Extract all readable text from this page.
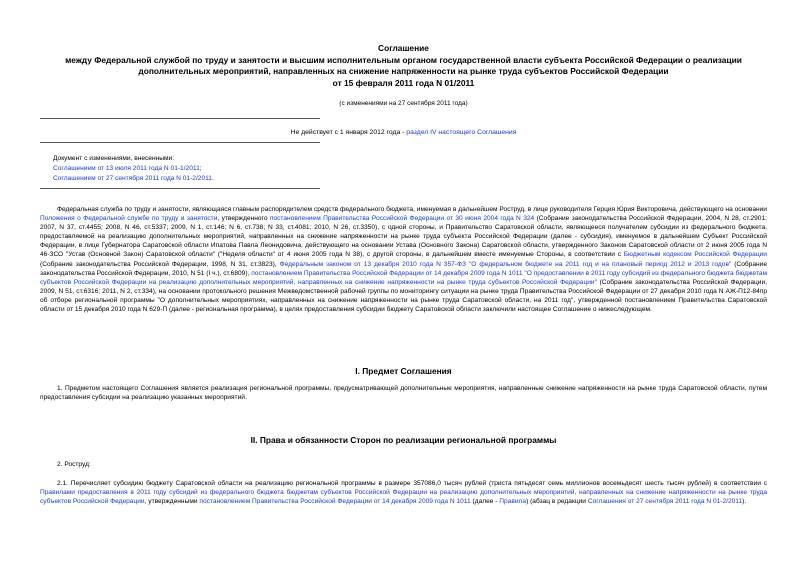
Соглашение
между Федеральной службой по труду и занятости и высшим исполнительным органом государственной власти субъекта Российской Федерации о реализации
дополнительных мероприятий, направленных на снижение напряженности на рынке труда субъектов Российской Федерации
от 15 февраля 2011 года N 01/2011
(с изменениями на 27 сентября 2011 года)
Не действует с 1 января 2012 года - раздел IV настоящего Соглашения
Документ с изменениями, внесенными:
Соглашением от 13 июля 2011 года N 01-1/2011;
Соглашением от 27 сентября 2011 года N 01-2/2011.
Федеральная служба по труду и занятости, являющаяся главным распорядителем средств федерального бюджета, именуемая в дальнейшем Роструд, в лице руководителя Герция Юрия Викторовича, действующего на основании Положения о Федеральной службе по труду и занятости, утвержденного постановлением Правительства Российской Федерации от 30 июня 2004 года N 324 (Собрание законодательства Российской Федерации, 2004, N 28, ст.2901; 2007, N 37, ст.4455; 2008, N 46, ст.5337; 2009, N 1, ст.146; N 6, ст.738; N 33, ст.4081; 2010, N 26, ст.3350), с одной стороны, и Правительство Саратовской области, являющееся получателем субсидии из федерального бюджета, предоставляемой на реализацию дополнительных мероприятий, направленных на снижение напряженности на рынке труда субъекта Российской Федерации (далее - субсидия), именуемое в дальнейшем Субъект Российской Федерации, в лице Губернатора Саратовской области Ипатова Павла Леонидовича, действующего на основании Устава (Основного Закона) Саратовской области, утвержденного Законом Саратовской области от 2 июня 2005 года N 46-ЗСО "Устав (Основной Закон) Саратовской области" ("Неделя области" от 4 июня 2005 года N 38), с другой стороны, в дальнейшем вместе именуемые Стороны, в соответствии с Бюджетным кодексом Российской Федерации (Собрание законодательства Российской Федерации, 1998, N 31, ст.3823), Федеральным законом от 13 декабря 2010 года N 357-ФЗ "О федеральном бюджете на 2011 год и на плановый период 2012 и 2013 годов" (Собрание законодательства Российской Федерации, 2010, N 51 (I ч.), ст.6809), постановлением Правительства Российской Федерации от 14 декабря 2009 года N 1011 "О предоставлении в 2011 году субсидий из федерального бюджета бюджетам субъектов Российской Федерации на реализацию дополнительных мероприятий, направленных на снижение напряженности на рынке труда субъектов Российской Федерации" (Собрание законодательства Российской Федерации, 2009, N 51, ст.6316; 2011, N 2, ст.334), на основании протокольного решения Межведомственной рабочей группы по мониторингу ситуации на рынке труда Правительства Российской Федерации от 27 декабря 2010 года N АЖ-П12-84пр об отборе региональной программы "О дополнительных мероприятиях, направленных на снижение напряженности на рынке труда Саратовской области, на 2011 год", утвержденной постановлением Правительства Саратовской области от 15 декабря 2010 года N 629-П (далее - региональная программа), в целях предоставления субсидии бюджету Саратовской области заключили настоящее Соглашение о нижеследующем.
I. Предмет Соглашения
1. Предметом настоящего Соглашения является реализация региональной программы, предусматривающей дополнительные мероприятия, направленные снижение напряженности на рынке труда Саратовской области, путем предоставления субсидии на реализацию указанных мероприятий.
II. Права и обязанности Сторон по реализации региональной программы
2. Роструд:
2.1. Перечисляет субсидию бюджету Саратовской области на реализацию региональной программы в размере 357086,0 тысяч рублей (триста пятьдесят семь миллионов восемьдесят шесть тысяч рублей) в соответствии с Правилами предоставления в 2011 году субсидий из федерального бюджета бюджетам субъектов Российской Федерации на реализацию дополнительных мероприятий, направленных на снижение напряженности на рынке труда субъектов Российской Федерации, утвержденными постановлением Правительства Российской Федерации от 14 декабря 2009 года N 1011 (далее - Правила) (абзац в редакции Соглашения от 27 сентября 2011 года N 01-2/2011).
